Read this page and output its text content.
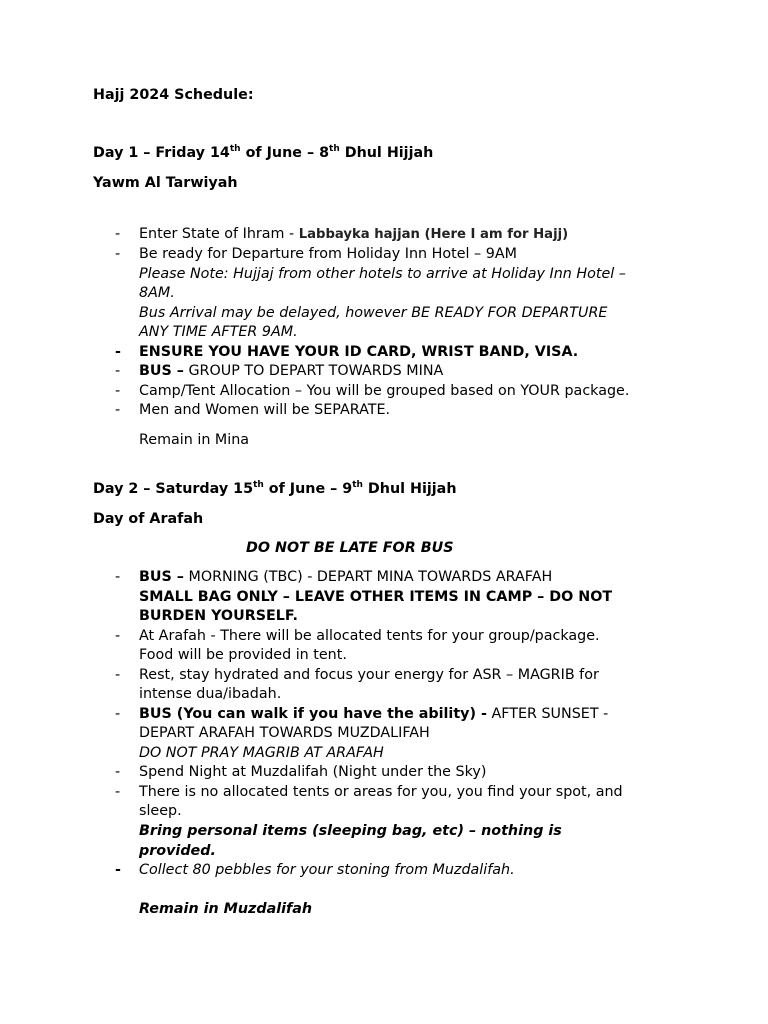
Hajj 2024 Schedule:
Day 1 – Friday 14th of June – 8th Dhul Hijjah
Yawm Al Tarwiyah
- Enter State of Ihram - Labbayka hajjan (Here I am for Hajj)
- Be ready for Departure from Holiday Inn Hotel – 9AM
Please Note: Hujjaj from other hotels to arrive at Holiday Inn Hotel –
8AM.
Bus Arrival may be delayed, however BE READY FOR DEPARTURE
ANY TIME AFTER 9AM.
- ENSURE YOU HAVE YOUR ID CARD, WRIST BAND, VISA.
- BUS – GROUP TO DEPART TOWARDS MINA
- Camp/Tent Allocation – You will be grouped based on YOUR package.
- Men and Women will be SEPARATE.
Remain in Mina
Day 2 – Saturday 15th of June – 9th Dhul Hijjah
Day of Arafah
DO NOT BE LATE FOR BUS
- BUS – MORNING (TBC) - DEPART MINA TOWARDS ARAFAH
SMALL BAG ONLY – LEAVE OTHER ITEMS IN CAMP – DO NOT
BURDEN YOURSELF.
- At Arafah - There will be allocated tents for your group/package.
Food will be provided in tent.
- Rest, stay hydrated and focus your energy for ASR – MAGRIB for
intense dua/ibadah.
- BUS (You can walk if you have the ability) - AFTER SUNSET -
DEPART ARAFAH TOWARDS MUZDALIFAH
DO NOT PRAY MAGRIB AT ARAFAH
- Spend Night at Muzdalifah (Night under the Sky)
- There is no allocated tents or areas for you, you find your spot, and
sleep.
Bring personal items (sleeping bag, etc) – nothing is
provided.
- Collect 80 pebbles for your stoning from Muzdalifah.
Remain in Muzdalifah
